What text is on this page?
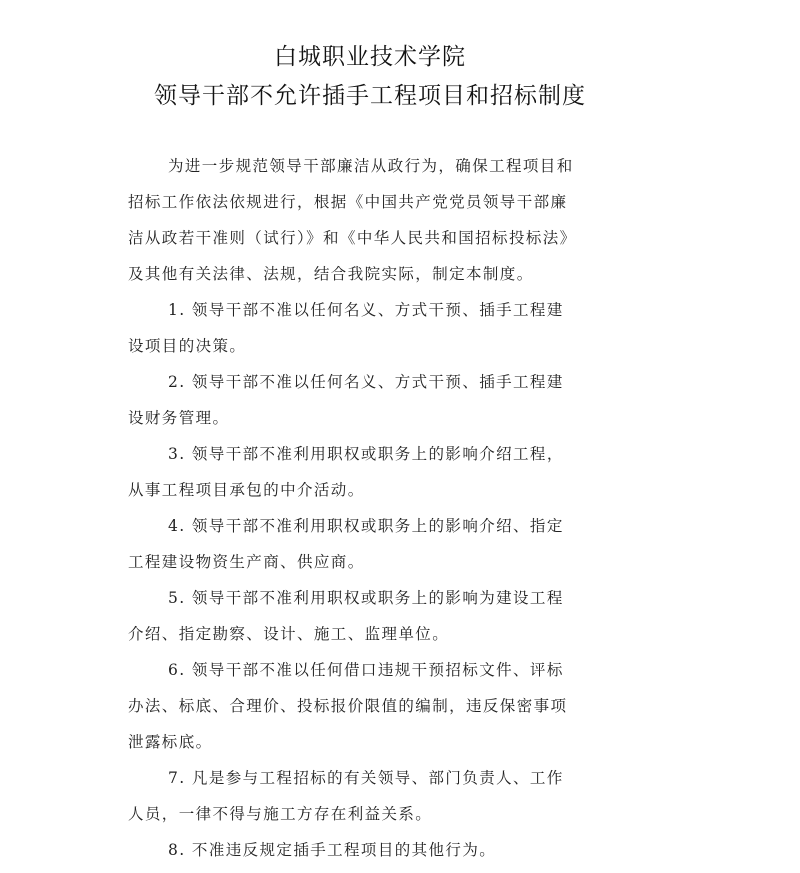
白城职业技术学院
领导干部不允许插手工程项目和招标制度
为进一步规范领导干部廉洁从政行为，确保工程项目和
招标工作依法依规进行，根据《中国共产党党员领导干部廉
洁从政若干准则（试行）》和《中华人民共和国招标投标法》
及其他有关法律、法规，结合我院实际，制定本制度。
1. 领导干部不准以任何名义、方式干预、插手工程建
设项目的决策。
2. 领导干部不准以任何名义、方式干预、插手工程建
设财务管理。
3. 领导干部不准利用职权或职务上的影响介绍工程，
从事工程项目承包的中介活动。
4. 领导干部不准利用职权或职务上的影响介绍、指定
工程建设物资生产商、供应商。
5. 领导干部不准利用职权或职务上的影响为建设工程
介绍、指定勘察、设计、施工、监理单位。
6. 领导干部不准以任何借口违规干预招标文件、评标
办法、标底、合理价、投标报价限值的编制，违反保密事项
泄露标底。
7. 凡是参与工程招标的有关领导、部门负责人、工作
人员，一律不得与施工方存在利益关系。
8. 不准违反规定插手工程项目的其他行为。
